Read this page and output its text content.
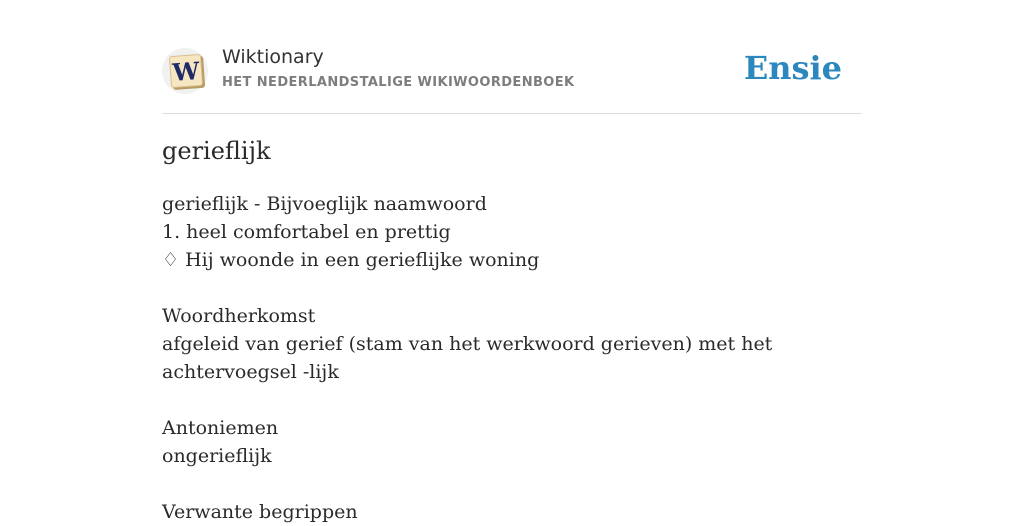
W Wiktionary
HET NEDERLANDSTALIGE WIKIWOORDENBOEK	Ensie
gerieflijk
gerieflijk - Bijvoeglijk naamwoord
1. heel comfortabel en prettig
♢ Hij woonde in een gerieflijke woning
Woordherkomst
afgeleid van gerief (stam van het werkwoord gerieven) met het achtervoegsel -lijk
Antoniemen
ongerieflijk
Verwante begrippen
